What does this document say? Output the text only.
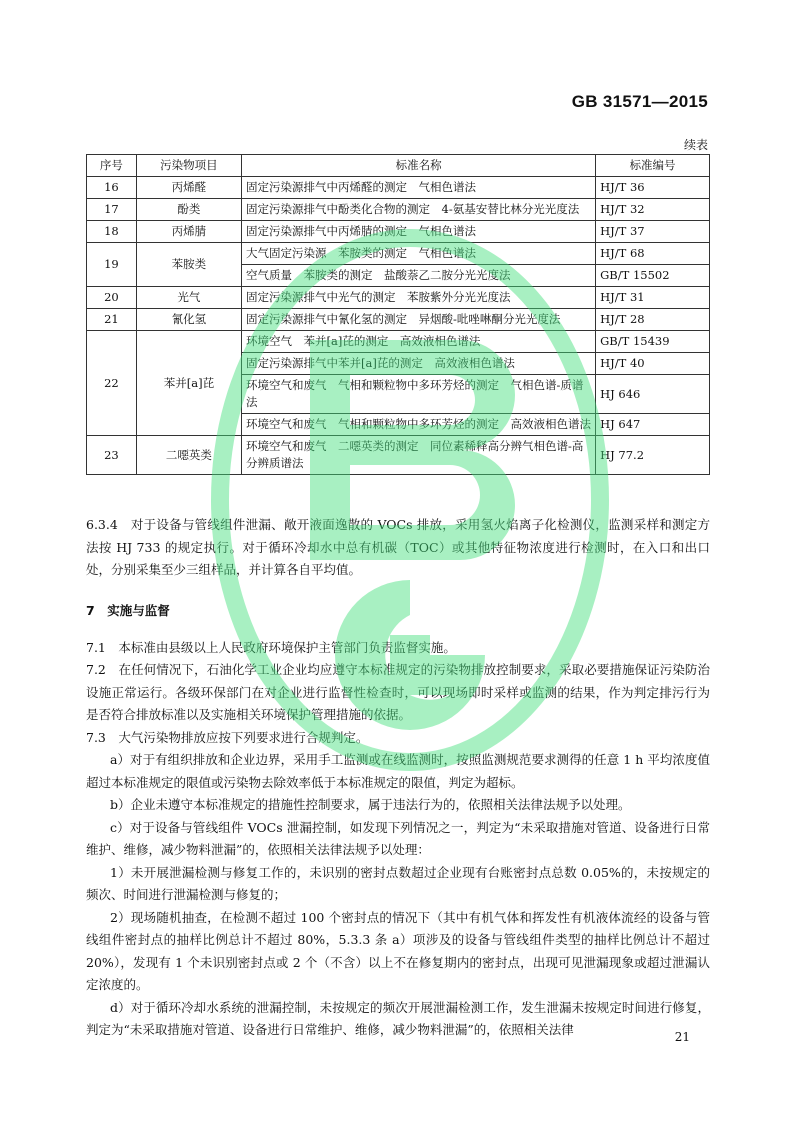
GB 31571—2015
续表
序号	污染物项目	标准名称	标准编号
16	丙烯醛	固定污染源排气中丙烯醛的测定　气相色谱法	HJ/T 36
17	酚类	固定污染源排气中酚类化合物的测定　4-氨基安替比林分光光度法	HJ/T 32
18	丙烯腈	固定污染源排气中丙烯腈的测定　气相色谱法	HJ/T 37
19	苯胺类	大气固定污染源　苯胺类的测定　气相色谱法	HJ/T 68
		空气质量　苯胺类的测定　盐酸萘乙二胺分光光度法	GB/T 15502
20	光气	固定污染源排气中光气的测定　苯胺紫外分光光度法	HJ/T 31
21	氰化氢	固定污染源排气中氰化氢的测定　异烟酸-吡唑啉酮分光光度法	HJ/T 28
22	苯并[a]芘	环境空气　苯并[a]芘的测定　高效液相色谱法	GB/T 15439
		固定污染源排气中苯并[a]芘的测定　高效液相色谱法	HJ/T 40
		环境空气和废气　气相和颗粒物中多环芳烃的测定　气相色谱-质谱法	HJ 646
		环境空气和废气　气相和颗粒物中多环芳烃的测定　高效液相色谱法	HJ 647
23	二噁英类	环境空气和废气　二噁英类的测定　同位素稀释高分辨气相色谱-高分辨质谱法	HJ 77.2

6.3.4　对于设备与管线组件泄漏、敞开液面逸散的 VOCs 排放，采用氢火焰离子化检测仪，监测采样和测定方法按 HJ 733 的规定执行。对于循环冷却水中总有机碳（TOC）或其他特征物浓度进行检测时，在入口和出口处，分别采集至少三组样品，并计算各自平均值。

7　实施与监督

7.1　本标准由县级以上人民政府环境保护主管部门负责监督实施。

7.2　在任何情况下，石油化学工业企业均应遵守本标准规定的污染物排放控制要求，采取必要措施保证污染防治设施正常运行。各级环保部门在对企业进行监督性检查时，可以现场即时采样或监测的结果，作为判定排污行为是否符合排放标准以及实施相关环境保护管理措施的依据。

7.3　大气污染物排放应按下列要求进行合规判定。

a）对于有组织排放和企业边界，采用手工监测或在线监测时，按照监测规范要求测得的任意 1 h 平均浓度值超过本标准规定的限值或污染物去除效率低于本标准规定的限值，判定为超标。

b）企业未遵守本标准规定的措施性控制要求，属于违法行为的，依照相关法律法规予以处理。

c）对于设备与管线组件 VOCs 泄漏控制，如发现下列情况之一，判定为“未采取措施对管道、设备进行日常维护、维修，减少物料泄漏”的，依照相关法律法规予以处理：

1）未开展泄漏检测与修复工作的，未识别的密封点数超过企业现有台账密封点总数 0.05%的，未按规定的频次、时间进行泄漏检测与修复的；

2）现场随机抽查，在检测不超过 100 个密封点的情况下（其中有机气体和挥发性有机液体流经的设备与管线组件密封点的抽样比例总计不超过 80%，5.3.3 条 a）项涉及的设备与管线组件类型的抽样比例总计不超过 20%），发现有 1 个未识别密封点或 2 个（不含）以上不在修复期内的密封点，出现可见泄漏现象或超过泄漏认定浓度的。

d）对于循环冷却水系统的泄漏控制，未按规定的频次开展泄漏检测工作，发生泄漏未按规定时间进行修复，判定为“未采取措施对管道、设备进行日常维护、维修，减少物料泄漏”的，依照相关法律	21
